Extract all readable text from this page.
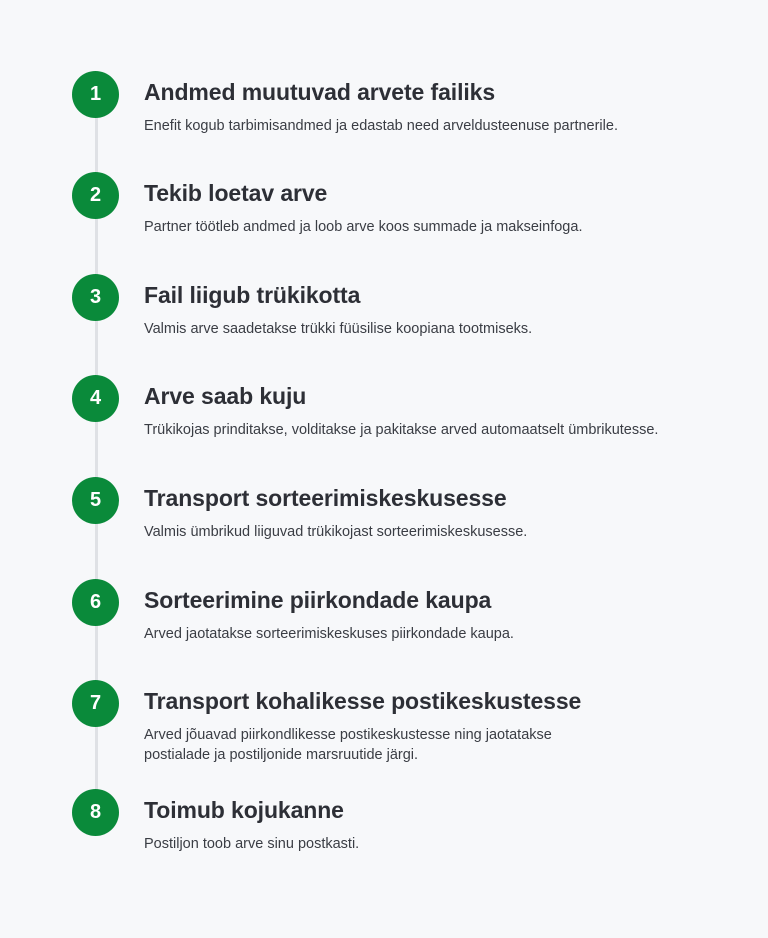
1	Andmed muutuvad arvete failiks

Enefit kogub tarbimisandmed ja edastab need arveldusteenuse partnerile.

2	Tekib loetav arve

Partner töötleb andmed ja loob arve koos summade ja makseinfoga.

3	Fail liigub trükikotta

Valmis arve saadetakse trükki füüsilise koopiana tootmiseks.

4	Arve saab kuju

Trükikojas prinditakse, volditakse ja pakitakse arved automaatselt ümbrikutesse.

5	Transport sorteerimiskeskusesse

Valmis ümbrikud liiguvad trükikojast sorteerimiskeskusesse.

6	Sorteerimine piirkondade kaupa

Arved jaotatakse sorteerimiskeskuses piirkondade kaupa.

7	Transport kohalikesse postikeskustesse

Arved jõuavad piirkondlikesse postikeskustesse ning jaotatakse postialade ja postiljonide marsruutide järgi.

8	Toimub kojukanne

Postiljon toob arve sinu postkasti.
